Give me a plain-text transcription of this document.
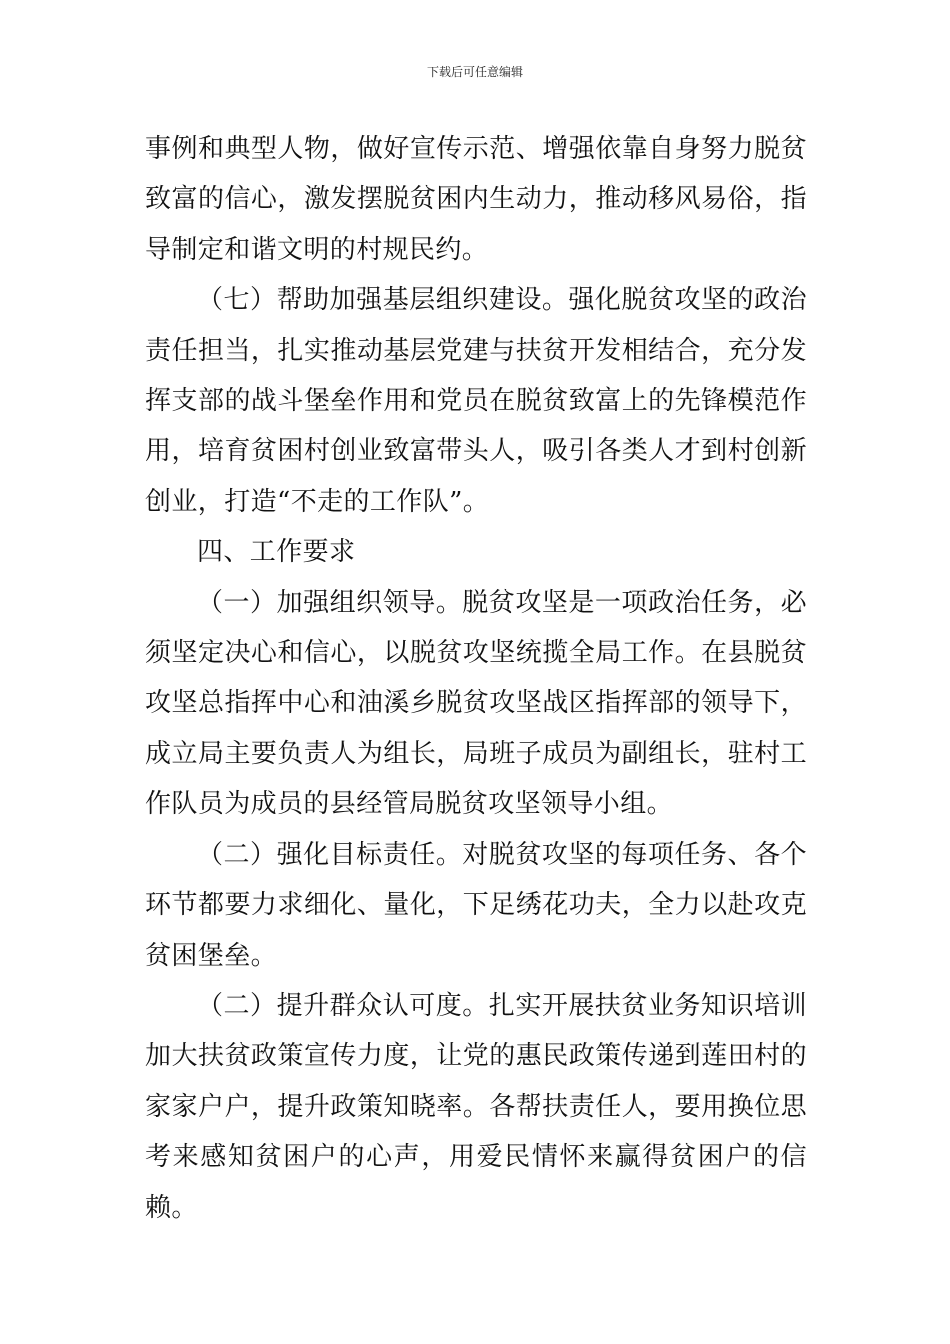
下载后可任意编辑

事例和典型人物，做好宣传示范、增强依靠自身努力脱贫致富的信心，激发摆脱贫困内生动力，推动移风易俗，指导制定和谐文明的村规民约。

（七）帮助加强基层组织建设。强化脱贫攻坚的政治责任担当，扎实推动基层党建与扶贫开发相结合，充分发挥支部的战斗堡垒作用和党员在脱贫致富上的先锋模范作用，培育贫困村创业致富带头人，吸引各类人才到村创新创业，打造“不走的工作队”。

四、工作要求

（一）加强组织领导。脱贫攻坚是一项政治任务，必须坚定决心和信心，以脱贫攻坚统揽全局工作。在县脱贫攻坚总指挥中心和油溪乡脱贫攻坚战区指挥部的领导下，成立局主要负责人为组长，局班子成员为副组长，驻村工作队员为成员的县经管局脱贫攻坚领导小组。

（二）强化目标责任。对脱贫攻坚的每项任务、各个环节都要力求细化、量化，下足绣花功夫，全力以赴攻克贫困堡垒。

（二）提升群众认可度。扎实开展扶贫业务知识培训加大扶贫政策宣传力度，让党的惠民政策传递到莲田村的家家户户，提升政策知晓率。各帮扶责任人，要用换位思考来感知贫困户的心声，用爱民情怀来赢得贫困户的信赖。
